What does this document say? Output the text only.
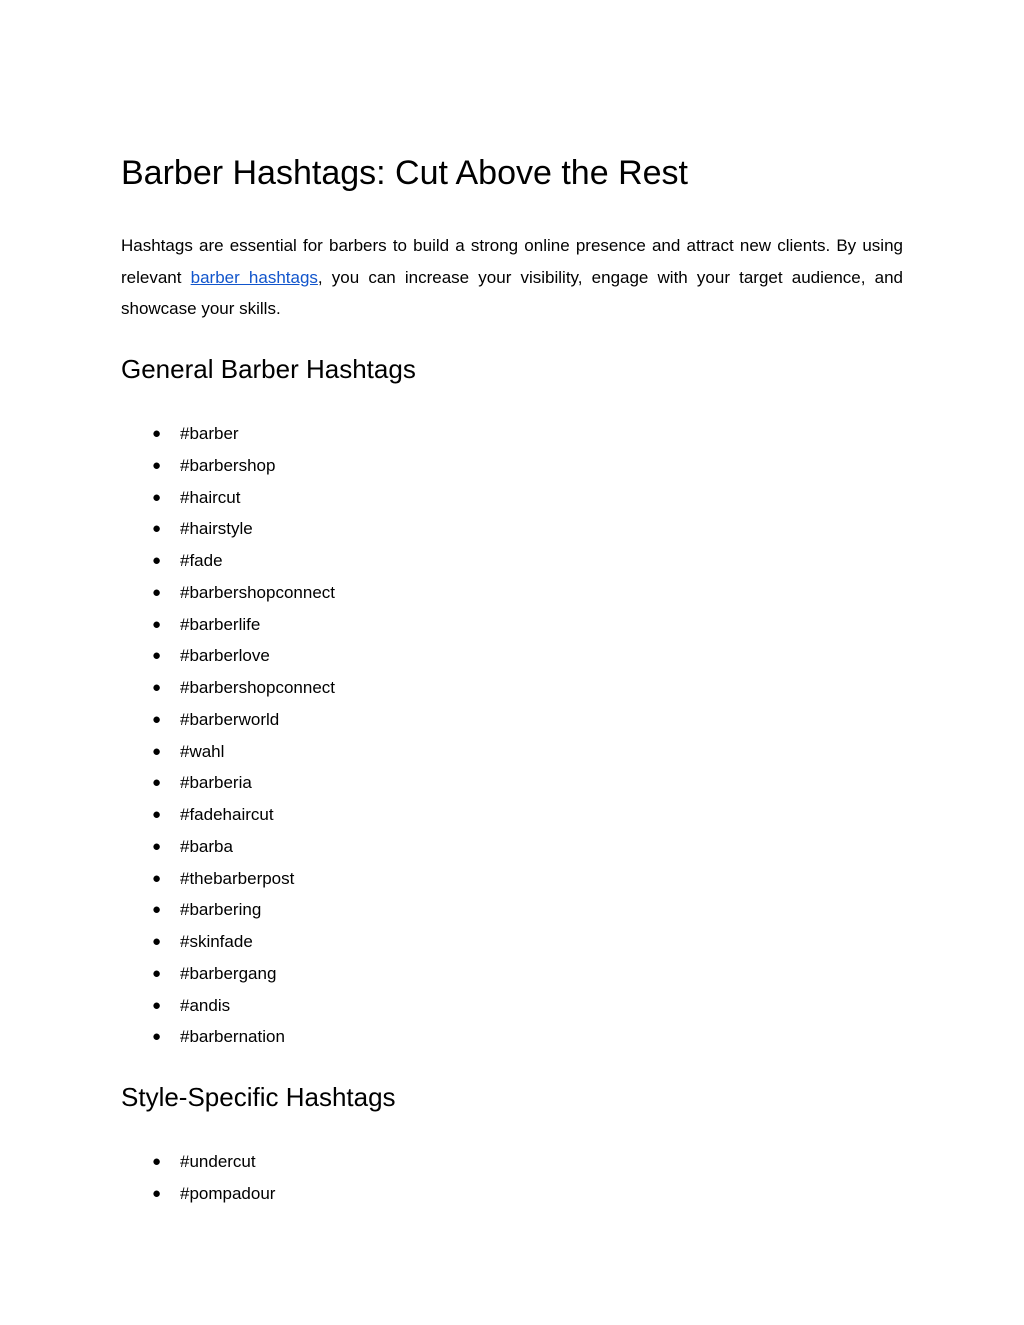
Barber Hashtags: Cut Above the Rest

Hashtags are essential for barbers to build a strong online presence and attract new clients. By using relevant barber hashtags, you can increase your visibility, engage with your target audience, and showcase your skills.

General Barber Hashtags
● #barber
● #barbershop
● #haircut
● #hairstyle
● #fade
● #barbershopconnect
● #barberlife
● #barberlove
● #barbershopconnect
● #barberworld
● #wahl
● #barberia
● #fadehaircut
● #barba
● #thebarberpost
● #barbering
● #skinfade
● #barbergang
● #andis
● #barbernation
Style-Specific Hashtags
● #undercut
● #pompadour
